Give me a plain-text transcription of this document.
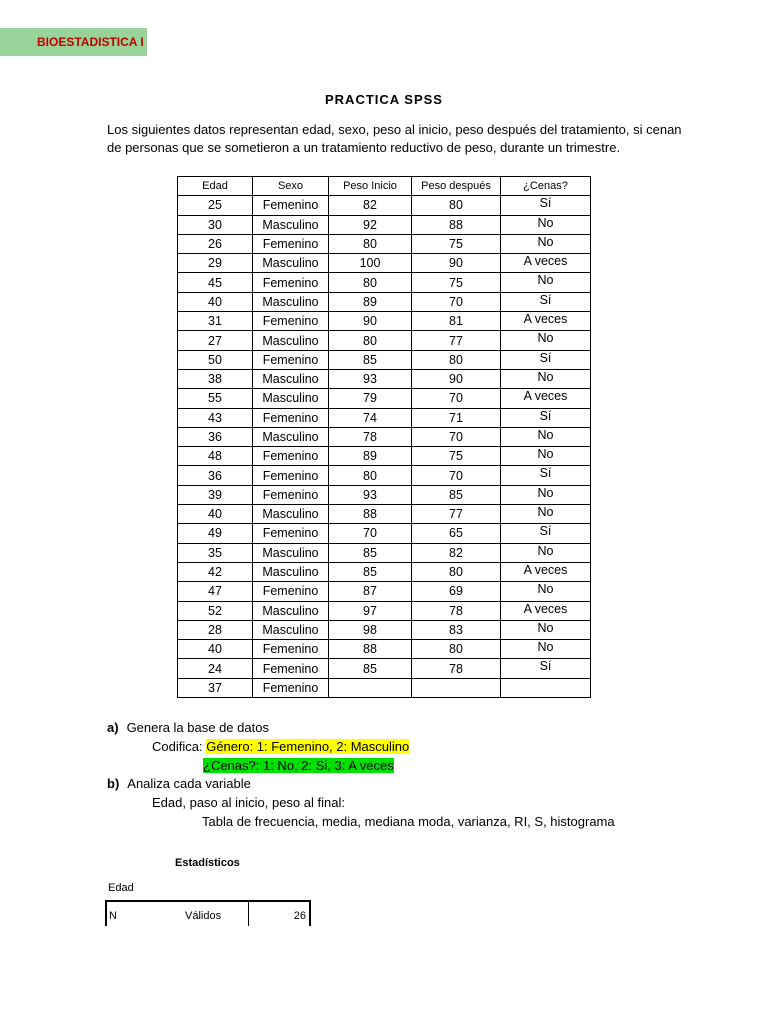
BIOESTADISTICA I
PRACTICA SPSS
Los siguientes datos representan edad, sexo, peso al inicio, peso después del tratamiento, si cenan
de personas que se sometieron a un tratamiento reductivo de peso, durante un trimestre.
Edad	Sexo	Peso Inicio	Peso después	¿Cenas?
25	Femenino	82	80	Sí
30	Masculino	92	88	No
26	Femenino	80	75	No
29	Masculino	100	90	A veces
45	Femenino	80	75	No
40	Masculino	89	70	Sí
31	Femenino	90	81	A veces
27	Masculino	80	77	No
50	Femenino	85	80	Sí
38	Masculino	93	90	No
55	Masculino	79	70	A veces
43	Femenino	74	71	Sí
36	Masculino	78	70	No
48	Femenino	89	75	No
36	Femenino	80	70	Sí
39	Femenino	93	85	No
40	Masculino	88	77	No
49	Femenino	70	65	Sí
35	Masculino	85	82	No
42	Masculino	85	80	A veces
47	Femenino	87	69	No
52	Masculino	97	78	A veces
28	Masculino	98	83	No
40	Femenino	88	80	No
24	Femenino	85	78	Sí
37	Femenino			
a) Genera la base de datos
Codifica: Género: 1: Femenino, 2: Masculino
¿Cenas?: 1: No, 2: Si, 3: A veces
b) Analiza cada variable
Edad, paso al inicio, peso al final:
Tabla de frecuencia, media, mediana moda, varianza, RI, S, histograma
Estadísticos
Edad
N	Válidos	26
